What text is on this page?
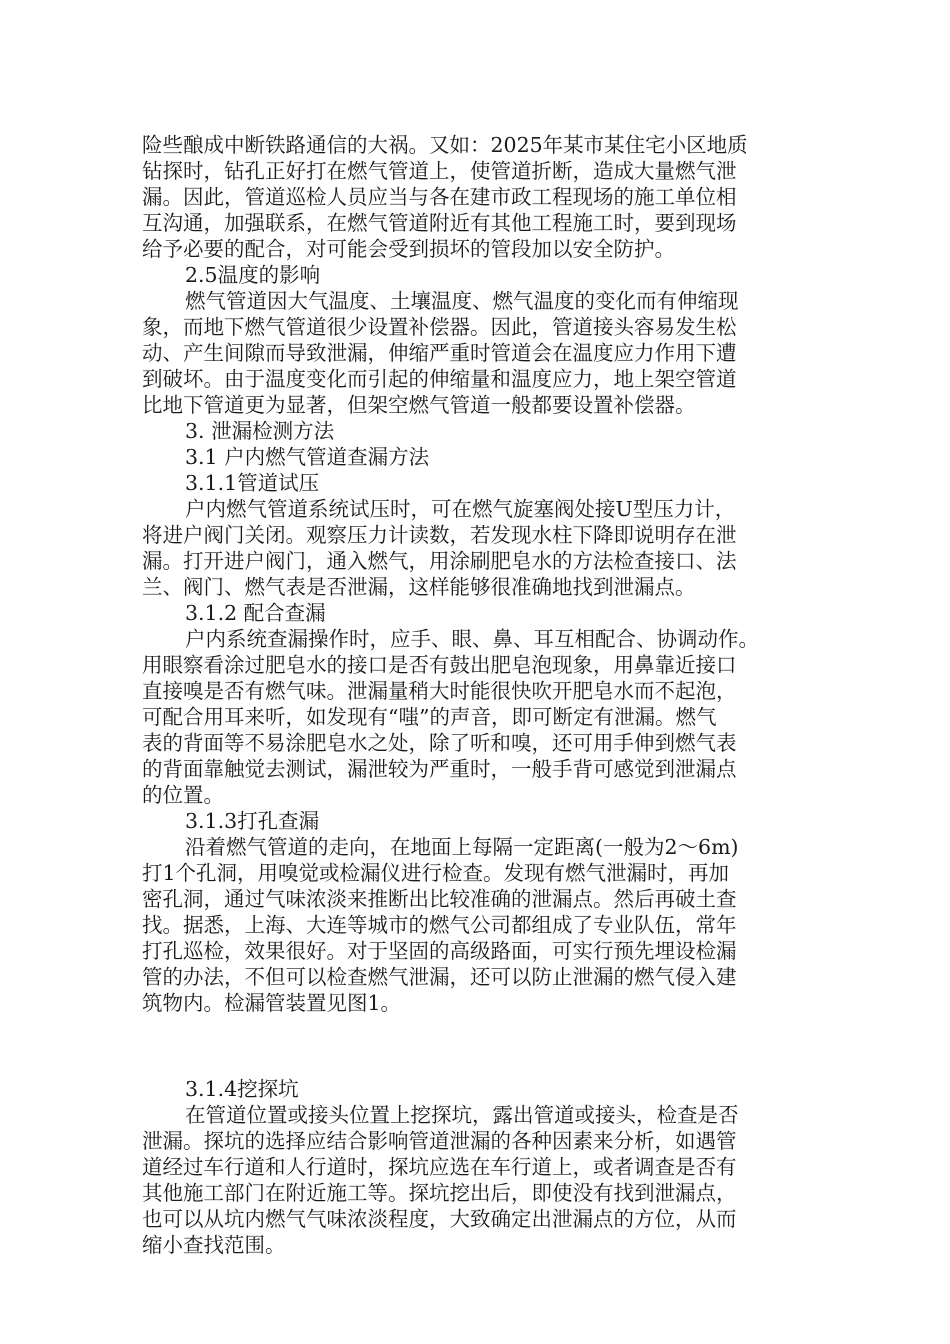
险些酿成中断铁路通信的大祸。又如：2025年某市某住宅小区地质
钻探时，钻孔正好打在燃气管道上，使管道折断，造成大量燃气泄
漏。因此，管道巡检人员应当与各在建市政工程现场的施工单位相
互沟通，加强联系，在燃气管道附近有其他工程施工时，要到现场
给予必要的配合，对可能会受到损坏的管段加以安全防护。
2.5温度的影响
燃气管道因大气温度、土壤温度、燃气温度的变化而有伸缩现
象，而地下燃气管道很少设置补偿器。因此，管道接头容易发生松
动、产生间隙而导致泄漏，伸缩严重时管道会在温度应力作用下遭
到破坏。由于温度变化而引起的伸缩量和温度应力，地上架空管道
比地下管道更为显著，但架空燃气管道一般都要设置补偿器。
3. 泄漏检测方法
3.1 户内燃气管道查漏方法
3.1.1管道试压
户内燃气管道系统试压时，可在燃气旋塞阀处接U型压力计，
将进户阀门关闭。观察压力计读数，若发现水柱下降即说明存在泄
漏。打开进户阀门，通入燃气，用涂刷肥皂水的方法检查接口、法
兰、阀门、燃气表是否泄漏，这样能够很准确地找到泄漏点。
3.1.2 配合查漏
户内系统查漏操作时，应手、眼、鼻、耳互相配合、协调动作。
用眼察看涂过肥皂水的接口是否有鼓出肥皂泡现象，用鼻靠近接口
直接嗅是否有燃气味。泄漏量稍大时能很快吹开肥皂水而不起泡，
可配合用耳来听，如发现有“嗤”的声音，即可断定有泄漏。燃气
表的背面等不易涂肥皂水之处，除了听和嗅，还可用手伸到燃气表
的背面靠触觉去测试，漏泄较为严重时，一般手背可感觉到泄漏点
的位置。
3.1.3打孔查漏
沿着燃气管道的走向，在地面上每隔一定距离(一般为2～6m)
打1个孔洞，用嗅觉或检漏仪进行检查。发现有燃气泄漏时，再加
密孔洞，通过气味浓淡来推断出比较准确的泄漏点。然后再破土查
找。据悉，上海、大连等城市的燃气公司都组成了专业队伍，常年
打孔巡检，效果很好。对于坚固的高级路面，可实行预先埋设检漏
管的办法，不但可以检查燃气泄漏，还可以防止泄漏的燃气侵入建
筑物内。检漏管装置见图1。
3.1.4挖探坑
在管道位置或接头位置上挖探坑，露出管道或接头，检查是否
泄漏。探坑的选择应结合影响管道泄漏的各种因素来分析，如遇管
道经过车行道和人行道时，探坑应选在车行道上，或者调查是否有
其他施工部门在附近施工等。探坑挖出后，即使没有找到泄漏点，
也可以从坑内燃气气味浓淡程度，大致确定出泄漏点的方位，从而
缩小查找范围。
